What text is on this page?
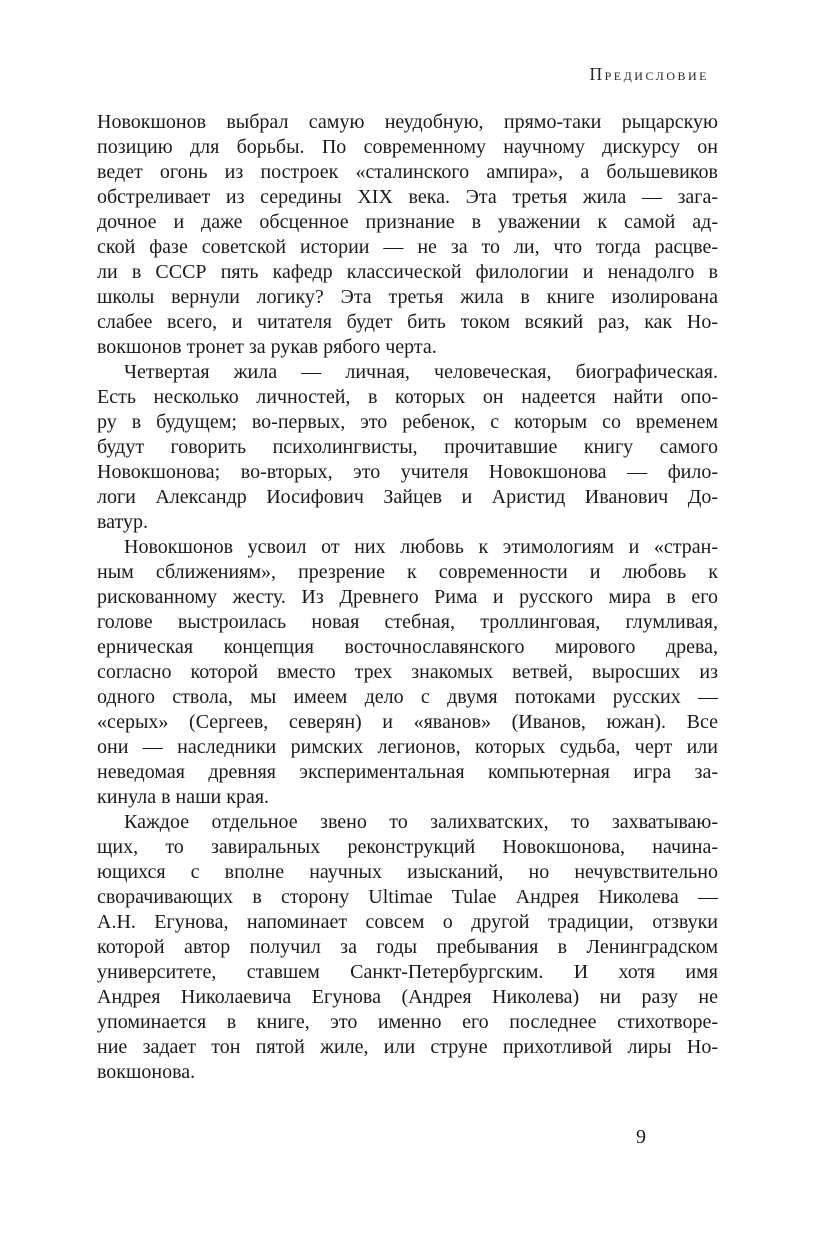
Предисловие
Новокшонов выбрал самую неудобную, прямо-таки рыцарскую
позицию для борьбы. По современному научному дискурсу он
ведет огонь из построек «сталинского ампира», а большевиков
обстреливает из середины XIX века. Эта третья жила — зага-
дочное и даже обсценное признание в уважении к самой ад-
ской фазе советской истории — не за то ли, что тогда расцве-
ли в СССР пять кафедр классической филологии и ненадолго в
школы вернули логику? Эта третья жила в книге изолирована
слабее всего, и читателя будет бить током всякий раз, как Но-
вокшонов тронет за рукав рябого черта.
Четвертая жила — личная, человеческая, биографическая.
Есть несколько личностей, в которых он надеется найти опо-
ру в будущем; во-первых, это ребенок, с которым со временем
будут говорить психолингвисты, прочитавшие книгу самого
Новокшонова; во-вторых, это учителя Новокшонова — фило-
логи Александр Иосифович Зайцев и Аристид Иванович До-
ватур.
Новокшонов усвоил от них любовь к этимологиям и «стран-
ным сближениям», презрение к современности и любовь к
рискованному жесту. Из Древнего Рима и русского мира в его
голове выстроилась новая стебная, троллинговая, глумливая,
ерническая концепция восточнославянского мирового древа,
согласно которой вместо трех знакомых ветвей, выросших из
одного ствола, мы имеем дело с двумя потоками русских —
«серых» (Сергеев, северян) и «яванов» (Иванов, южан). Все
они — наследники римских легионов, которых судьба, черт или
неведомая древняя экспериментальная компьютерная игра за-
кинула в наши края.
Каждое отдельное звено то залихватских, то захватываю-
щих, то завиральных реконструкций Новокшонова, начина-
ющихся с вполне научных изысканий, но нечувствительно
сворачивающих в сторону Ultimae Tulae Андрея Николева —
А.Н. Егунова, напоминает совсем о другой традиции, отзвуки
которой автор получил за годы пребывания в Ленинградском
университете, ставшем Санкт-Петербургским. И хотя имя
Андрея Николаевича Егунова (Андрея Николева) ни разу не
упоминается в книге, это именно его последнее стихотворе-
ние задает тон пятой жиле, или струне прихотливой лиры Но-
вокшонова.
9
